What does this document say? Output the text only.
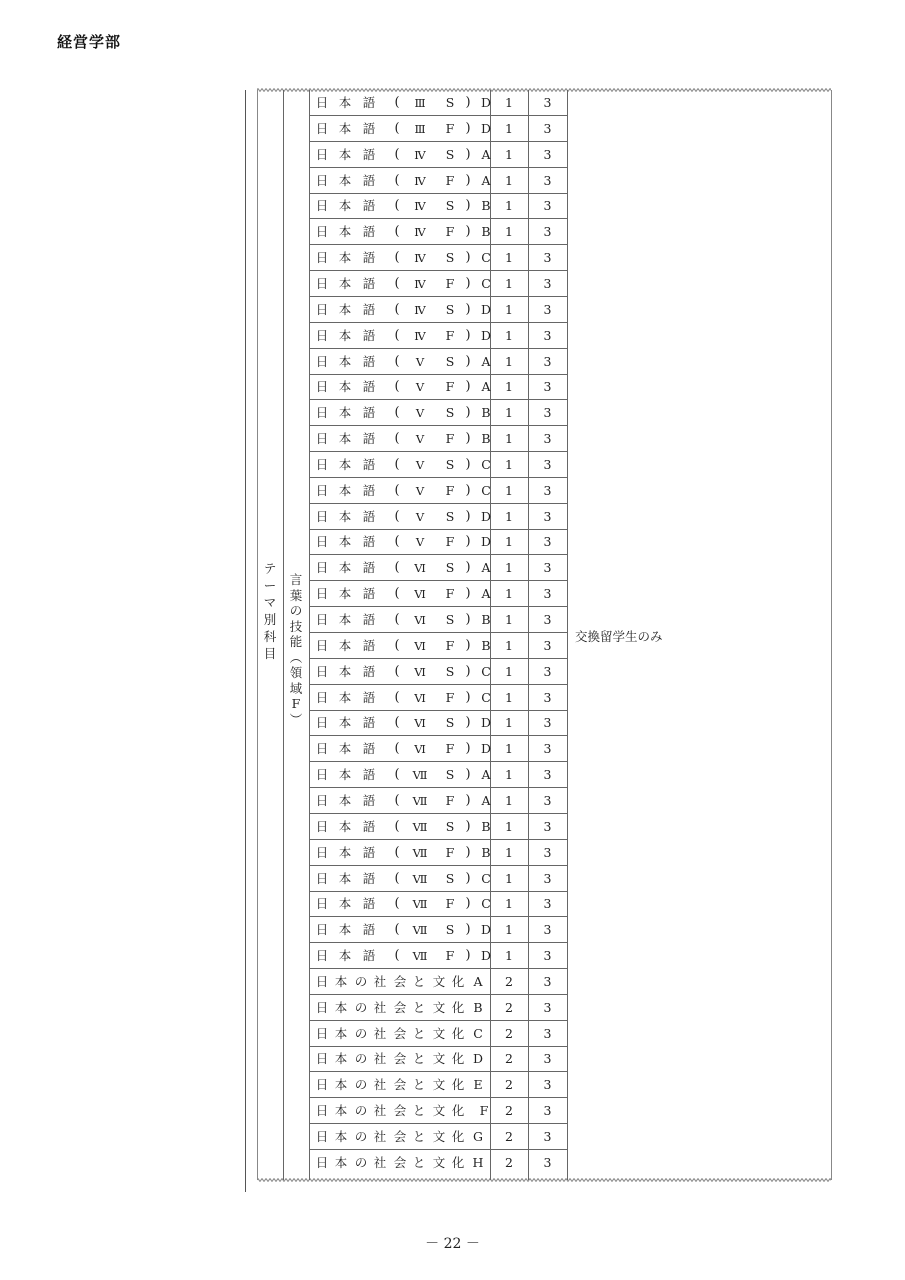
経営学部
テ
ー
マ
別
科
目
言
葉
の
技
能
︵
領
域
F
︶
日 本 語	(	Ⅲ	S ) D	1	3
日 本 語	(	Ⅲ	F ) D	1	3
日 本 語	(	Ⅳ	S ) A	1	3
日 本 語	(	Ⅳ	F ) A	1	3
日 本 語	(	Ⅳ	S ) B	1	3
日 本 語	(	Ⅳ	F ) B	1	3
日 本 語	(	Ⅳ	S ) C	1	3
日 本 語	(	Ⅳ	F ) C	1	3
日 本 語	(	Ⅳ	S ) D	1	3
日 本 語	(	Ⅳ	F ) D	1	3
日 本 語	(	Ⅴ	S ) A	1	3
日 本 語	(	Ⅴ	F ) A	1	3
日 本 語	(	Ⅴ	S ) B	1	3
日 本 語	(	Ⅴ	F ) B	1	3
日 本 語	(	Ⅴ	S ) C	1	3
日 本 語	(	Ⅴ	F ) C	1	3
日 本 語	(	Ⅴ	S ) D	1	3
日 本 語	(	Ⅴ	F ) D	1	3
日 本 語	(	Ⅵ	S ) A	1	3
日 本 語	(	Ⅵ	F ) A	1	3
日 本 語	(	Ⅵ	S ) B	1	3
日 本 語	(	Ⅵ	F ) B	1	3
日 本 語	(	Ⅵ	S ) C	1	3
日 本 語	(	Ⅵ	F ) C	1	3
日 本 語	(	Ⅵ	S ) D	1	3
日 本 語	(	Ⅵ	F ) D	1	3
日 本 語	(	Ⅶ	S ) A	1	3
日 本 語	(	Ⅶ	F ) A	1	3
日 本 語	(	Ⅶ	S ) B	1	3
日 本 語	(	Ⅶ	F ) B	1	3
日 本 語	(	Ⅶ	S ) C	1	3
日 本 語	(	Ⅶ	F ) C	1	3
日 本 語	(	Ⅶ	S ) D	1	3
日 本 語	(	Ⅶ	F ) D	1	3
日 本 の 社 会 と 文 化 A	2	3
日 本 の 社 会 と 文 化 B	2	3
日 本 の 社 会 と 文 化 C	2	3
日 本 の 社 会 と 文 化 D	2	3
日 本 の 社 会 と 文 化 E	2	3
日 本 の 社 会 と 文 化	F	2	3
日 本 の 社 会 と 文 化 G	2	3
日 本 の 社 会 と 文 化 H	2	3
交換留学生のみ
－ 22 －
